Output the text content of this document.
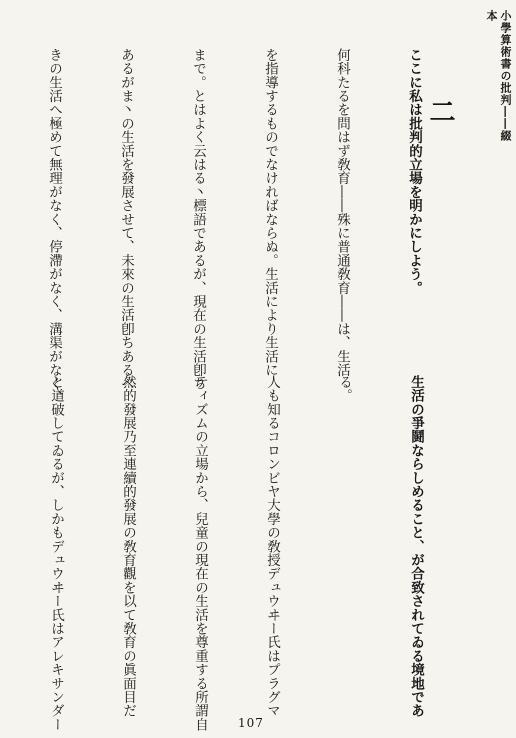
小學算術書の批判――綴本
二

ここに私は批判的立場を明かにしよう。

何科たるを問はず敎育――殊に普通敎育――は、生活

を指導するものでなければならぬ。生活により生活に

まで。とはよく云はる丶標語であるが、現在の生活卽ち

あるがま丶の生活を發展させて、未來の生活卽ちあるべ

きの生活へ極めて無理がなく、停滯がなく、溝渠がなく、

生活の爭鬪ならしめること、が合致されてゐる境地であ

る。

人も知るコロンビヤ大學の敎授デュウヰー氏はプラグマ

ティズムの立場から、兒童の現在の生活を尊重する所謂自

然的發展乃至連續的發展の敎育觀を以て敎育の眞面目だ

と道破してゐるが、しかもデュウヰー氏はアレキサンダー

	107
